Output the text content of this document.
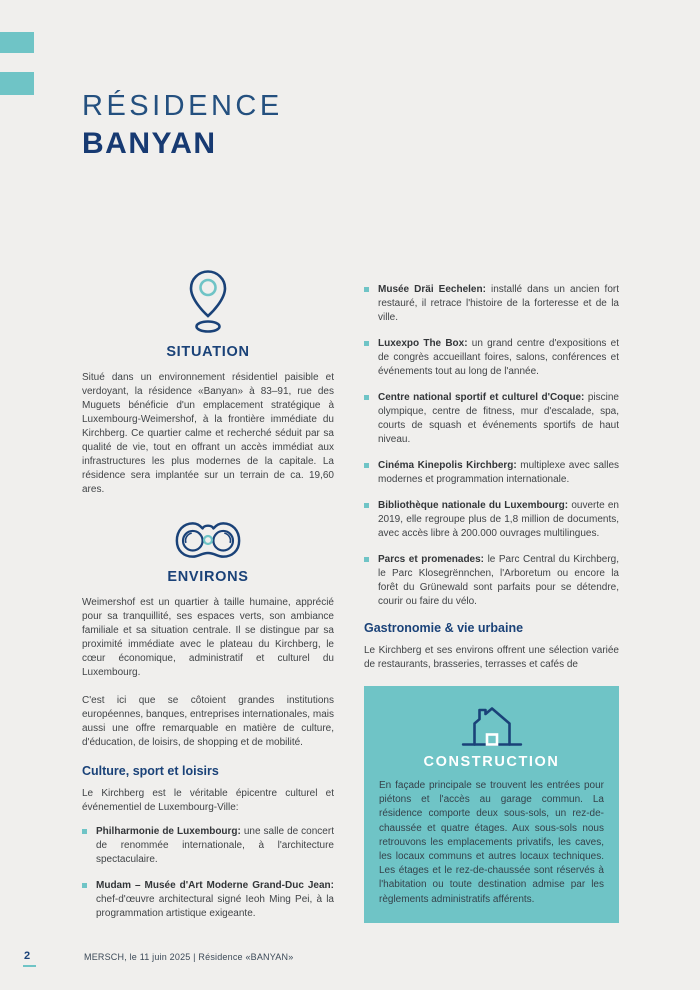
RÉSIDENCE
BANYAN
SITUATION

Situé dans un environnement résidentiel paisible et verdoyant, la résidence «Banyan» à 83–91, rue des Muguets bénéficie d'un emplacement stratégique à Luxembourg-Weimershof, à la frontière immédiate du Kirchberg. Ce quartier calme et recherché séduit par sa qualité de vie, tout en offrant un accès immédiat aux infrastructures les plus modernes de la capitale. La résidence sera implantée sur un terrain de ca. 19,60 ares.

ENVIRONS

Weimershof est un quartier à taille humaine, apprécié pour sa tranquillité, ses espaces verts, son ambiance familiale et sa situation centrale. Il se distingue par sa proximité immédiate avec le plateau du Kirchberg, le cœur économique, administratif et culturel du Luxembourg.

C'est ici que se côtoient grandes institutions européennes, banques, entreprises internationales, mais aussi une offre remarquable en matière de culture, d'éducation, de loisirs, de shopping et de mobilité.

Culture, sport et loisirs

Le Kirchberg est le véritable épicentre culturel et événementiel de Luxembourg-Ville:

Philharmonie de Luxembourg: une salle de concert de renommée internationale, à l'architecture spectaculaire.
Mudam – Musée d'Art Moderne Grand-Duc Jean: chef-d'œuvre architectural signé Ieoh Ming Pei, à la programmation artistique exigeante.
Musée Dräi Eechelen: installé dans un ancien fort restauré, il retrace l'histoire de la forteresse et de la ville.
Luxexpo The Box: un grand centre d'expositions et de congrès accueillant foires, salons, conférences et événements tout au long de l'année.
Centre national sportif et culturel d'Coque: piscine olympique, centre de fitness, mur d'escalade, spa, courts de squash et événements sportifs de haut niveau.
Cinéma Kinepolis Kirchberg: multiplexe avec salles modernes et programmation internationale.
Bibliothèque nationale du Luxembourg: ouverte en 2019, elle regroupe plus de 1,8 million de documents, avec accès libre à 200.000 ouvrages multilingues.
Parcs et promenades: le Parc Central du Kirchberg, le Parc Klosegrënnchen, l'Arboretum ou encore la forêt du Grünewald sont parfaits pour se détendre, courir ou faire du vélo.
Gastronomie & vie urbaine

Le Kirchberg et ses environs offrent une sélection variée de restaurants, brasseries, terrasses et cafés de

CONSTRUCTION

En façade principale se trouvent les entrées pour piétons et l'accès au garage commun. La résidence comporte deux sous-sols, un rez-de-chaussée et quatre étages. Aux sous-sols nous retrouvons les emplacements privatifs, les caves, les locaux communs et autres locaux techniques. Les étages et le rez-de-chaussée sont réservés à l'habitation ou toute destination admise par les règlements administratifs afférents.

2	MERSCH, le 11 juin 2025 | Résidence «BANYAN»
